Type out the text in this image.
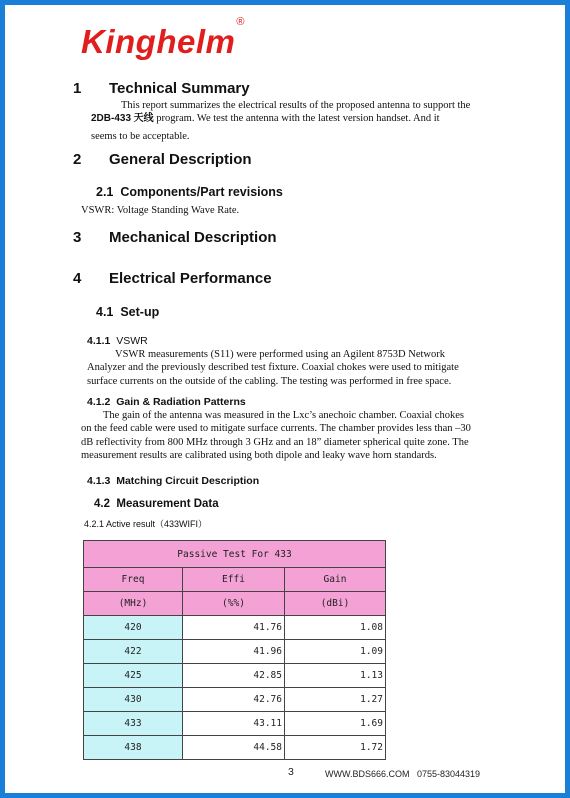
Kinghelm®
1 Technical Summary
This report summarizes the electrical results of the proposed antenna to support the
2DB-433 天线 program. We test the antenna with the latest version handset. And it
seems to be acceptable.
2 General Description
2.1 Components/Part revisions
VSWR: Voltage Standing Wave Rate.
3 Mechanical Description
4 Electrical Performance
4.1 Set-up
4.1.1 VSWR
VSWR measurements (S11) were performed using an Agilent 8753D Network
Analyzer and the previously described test fixture. Coaxial chokes were used to mitigate
surface currents on the outside of the cabling. The testing was performed in free space.
4.1.2 Gain & Radiation Patterns
The gain of the antenna was measured in the Lxc’s anechoic chamber. Coaxial chokes
on the feed cable were used to mitigate surface currents. The chamber provides less than –30
dB reflectivity from 800 MHz through 3 GHz and an 18” diameter spherical quite zone. The
measurement results are calibrated using both dipole and leaky wave horn standards.
4.1.3 Matching Circuit Description
4.2 Measurement Data
4.2.1 Active result（433WIFI）
Passive Test For 433		
Freq	Effi	Gain
(MHz)	(%%)	(dBi)
420	41.76	1.08
422	41.96	1.09
425	42.85	1.13
430	42.76	1.27
433	43.11	1.69
438	44.58	1.72
3	WWW.BDS666.COM 0755-83044319
